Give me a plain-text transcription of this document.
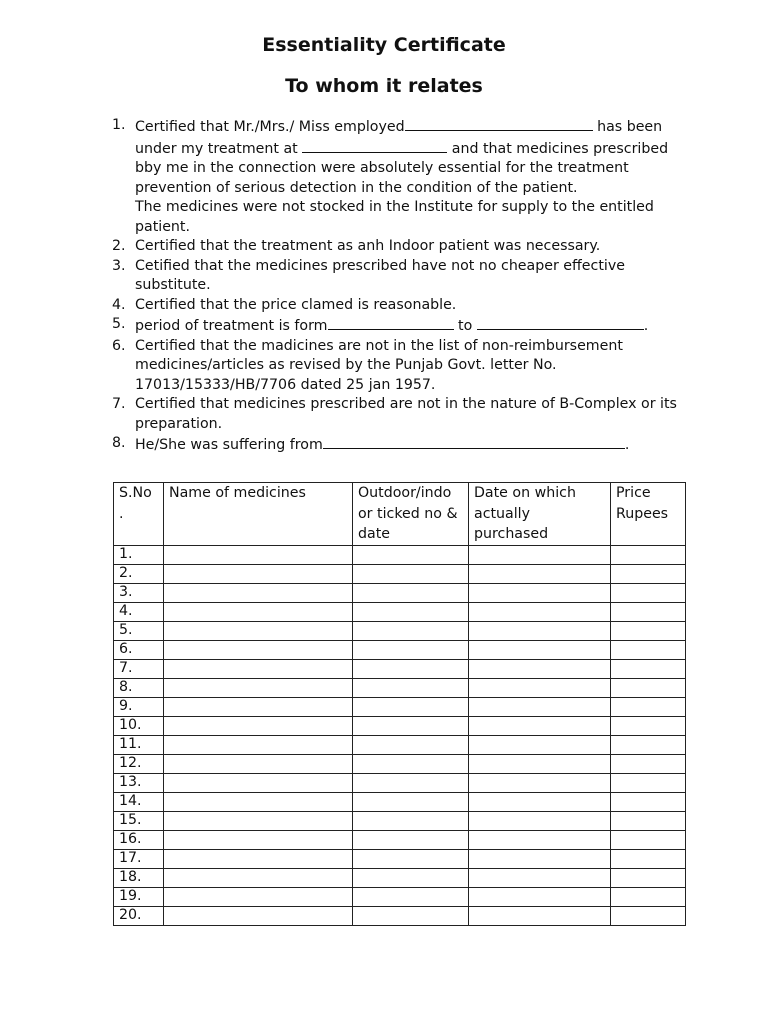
Essentiality Certificate
To whom it relates
1. Certified that Mr./Mrs./ Miss employed	has been under my treatment at	and that medicines prescribed bby me in the connection were absolutely essential for the treatment prevention of serious detection in the condition of the patient.
The medicines were not stocked in the Institute for supply to the entitled patient.
2. Certified that the treatment as anh Indoor patient was necessary.
3. Cetified that the medicines prescribed have not no cheaper effective substitute.
4. Certified that the price clamed is reasonable.
5. period of treatment is form	to	.
6. Certified that the madicines are not in the list of non-reimbursement medicines/articles as revised by the Punjab Govt. letter No. 17013/15333/HB/7706 dated 25 jan 1957.
7. Certified that medicines prescribed are not in the nature of B-Complex or its preparation.
8. He/She was suffering from	.
S.No .	Name of medicines	Outdoor/indo or ticked no & date	Date on which actually purchased	Price Rupees
1.				
2.				
3.				
4.				
5.				
6.				
7.				
8.				
9.				
10.				
11.				
12.				
13.				
14.				
15.				
16.				
17.				
18.				
19.				
20.				
